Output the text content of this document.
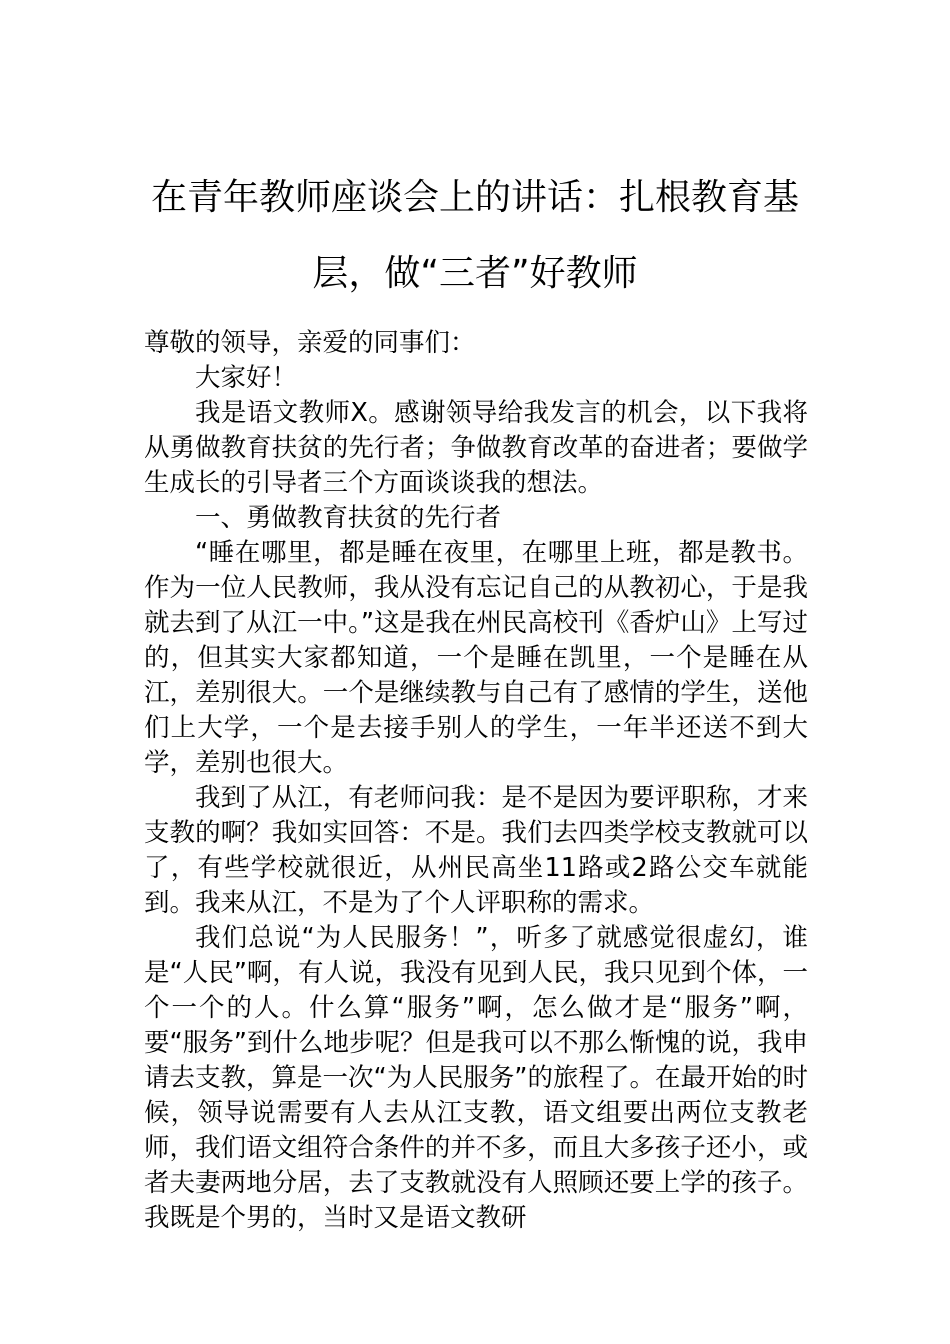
在青年教师座谈会上的讲话：扎根教育基
层，做“三者”好教师

尊敬的领导，亲爱的同事们：

大家好！

我是语文教师X。感谢领导给我发言的机会，以下我将从勇做教育扶贫的先行者；争做教育改革的奋进者；要做学生成长的引导者三个方面谈谈我的想法。

一、勇做教育扶贫的先行者

“睡在哪里，都是睡在夜里，在哪里上班，都是教书。作为一位人民教师，我从没有忘记自己的从教初心，于是我就去到了从江一中。”这是我在州民高校刊《香炉山》上写过的，但其实大家都知道，一个是睡在凯里，一个是睡在从江，差别很大。一个是继续教与自己有了感情的学生，送他们上大学，一个是去接手别人的学生，一年半还送不到大学，差别也很大。

我到了从江，有老师问我：是不是因为要评职称，才来支教的啊？我如实回答：不是。我们去四类学校支教就可以了，有些学校就很近，从州民高坐11路或2路公交车就能到。我来从江，不是为了个人评职称的需求。

我们总说“为人民服务！”，听多了就感觉很虚幻，谁是“人民”啊，有人说，我没有见到人民，我只见到个体，一个一个的人。什么算“服务”啊，怎么做才是“服务”啊，要“服务”到什么地步呢？但是我可以不那么惭愧的说，我申请去支教，算是一次“为人民服务”的旅程了。在最开始的时候，领导说需要有人去从江支教，语文组要出两位支教老师，我们语文组符合条件的并不多，而且大多孩子还小，或者夫妻两地分居，去了支教就没有人照顾还要上学的孩子。我既是个男的，当时又是语文教研
